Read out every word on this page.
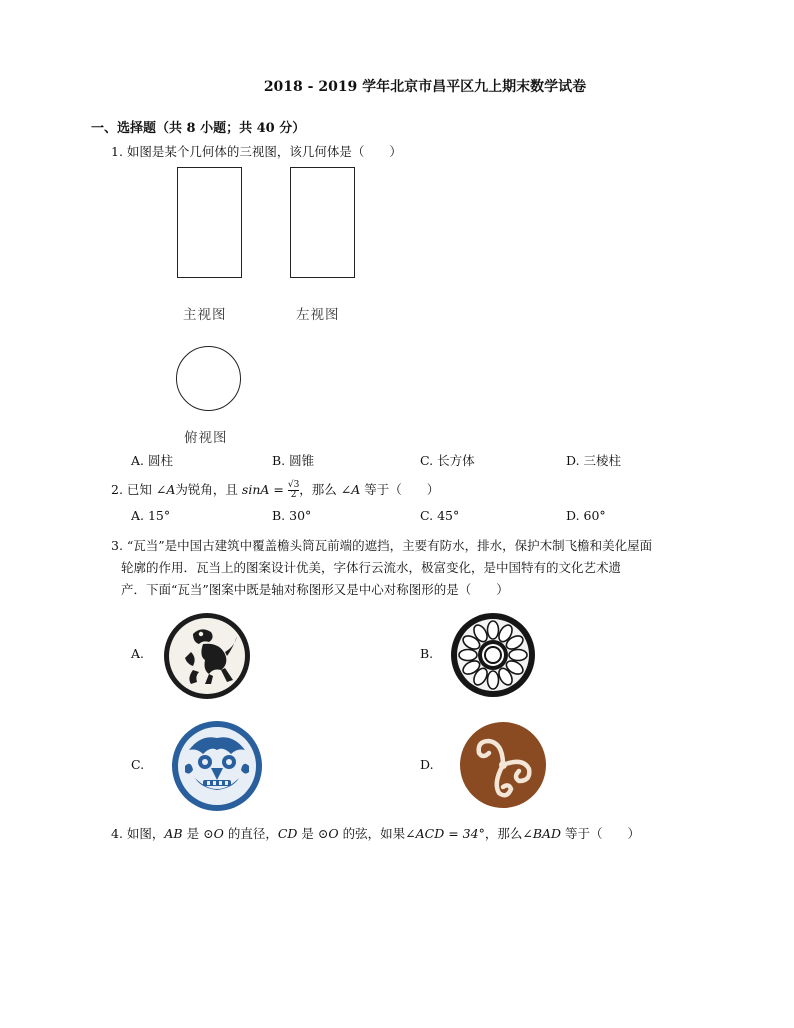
2018 - 2019 学年北京市昌平区九上期末数学试卷
一、选择题（共 8 小题；共 40 分）
1. 如图是某个几何体的三视图，该几何体是（　　）
主视图	左视图
俯视图
A. 圆柱	B. 圆锥	C. 长方体	D. 三棱柱
2. 已知 ∠A为锐角，且 $\sin A = \frac{√3}{2}$ ，那么 ∠A 等于（　　）
A. 15°	B. 30°	C. 45°	D. 60°
3. “瓦当”是中国古建筑中覆盖檐头筒瓦前端的遮挡，主要有防水，排水，保护木制飞檐和美化屋面
轮廓的作用．瓦当上的图案设计优美，字体行云流水，极富变化，是中国特有的文化艺术遗
产．下面“瓦当”图案中既是轴对称图形又是中心对称图形的是（　　）
A.	B.
C.	D.
4. 如图，AB 是 ⊙O 的直径，CD 是 ⊙O 的弦，如果∠ACD = 34°，那么∠BAD 等于（　　）
